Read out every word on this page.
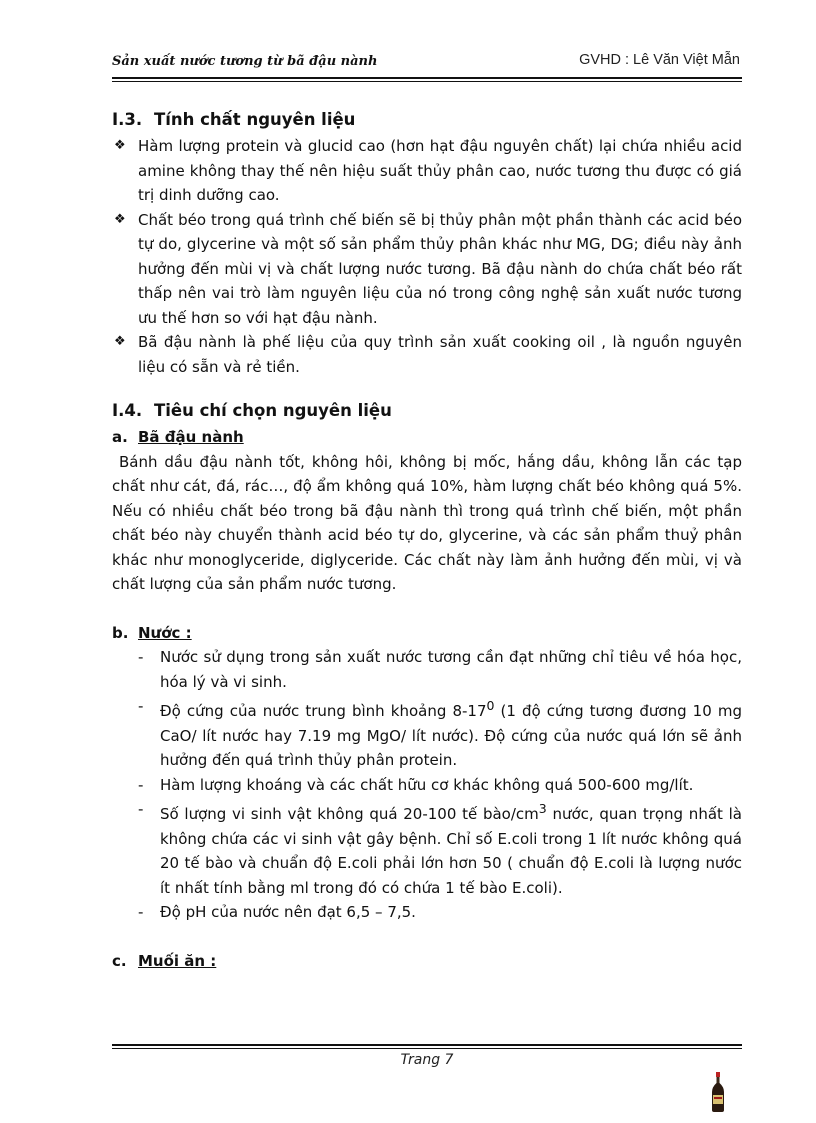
Sản xuất nước tương từ bã đậu nành	GVHD : Lê Văn Việt Mẫn
I.3. Tính chất nguyên liệu
❖ Hàm lượng protein và glucid cao (hơn hạt đậu nguyên chất) lại chứa nhiều acid amine không thay thế nên hiệu suất thủy phân cao, nước tương thu được có giá trị dinh dưỡng cao.
❖ Chất béo trong quá trình chế biến sẽ bị thủy phân một phần thành các acid béo tự do, glycerine và một số sản phẩm thủy phân khác như MG, DG; điều này ảnh hưởng đến mùi vị và chất lượng nước tương. Bã đậu nành do chứa chất béo rất thấp nên vai trò làm nguyên liệu của nó trong công nghệ sản xuất nước tương ưu thế hơn so với hạt đậu nành.
❖ Bã đậu nành là phế liệu của quy trình sản xuất cooking oil , là nguồn nguyên liệu có sẵn và rẻ tiền.
I.4. Tiêu chí chọn nguyên liệu
a. Bã đậu nành
Bánh dầu đậu nành tốt, không hôi, không bị mốc, hắng dầu, không lẫn các tạp chất như cát, đá, rác…, độ ẩm không quá 10%, hàm lượng chất béo không quá 5%. Nếu có nhiều chất béo trong bã đậu nành thì trong quá trình chế biến, một phần chất béo này chuyển thành acid béo tự do, glycerine, và các sản phẩm thuỷ phân khác như monoglyceride, diglyceride. Các chất này làm ảnh hưởng đến mùi, vị và chất lượng của sản phẩm nước tương.
b. Nước :
- Nước sử dụng trong sản xuất nước tương cần đạt những chỉ tiêu về hóa học, hóa lý và vi sinh.
- Độ cứng của nước trung bình khoảng $8-17^0$ (1 độ cứng tương đương 10 mg CaO/ lít nước hay 7.19 mg MgO/ lít nước). Độ cứng của nước quá lớn sẽ ảnh hưởng đến quá trình thủy phân protein.
- Hàm lượng khoáng và các chất hữu cơ khác không quá 500-600 mg/lít.
- Số lượng vi sinh vật không quá 20-100 tế bào/$cm^3$ nước, quan trọng nhất là không chứa các vi sinh vật gây bệnh. Chỉ số E.coli trong 1 lít nước không quá 20 tế bào và chuẩn độ E.coli phải lớn hơn 50 ( chuẩn độ E.coli là lượng nước ít nhất tính bằng ml trong đó có chứa 1 tế bào E.coli).
- Độ pH của nước nên đạt 6,5 – 7,5.
c. Muối ăn :
Trang 7
